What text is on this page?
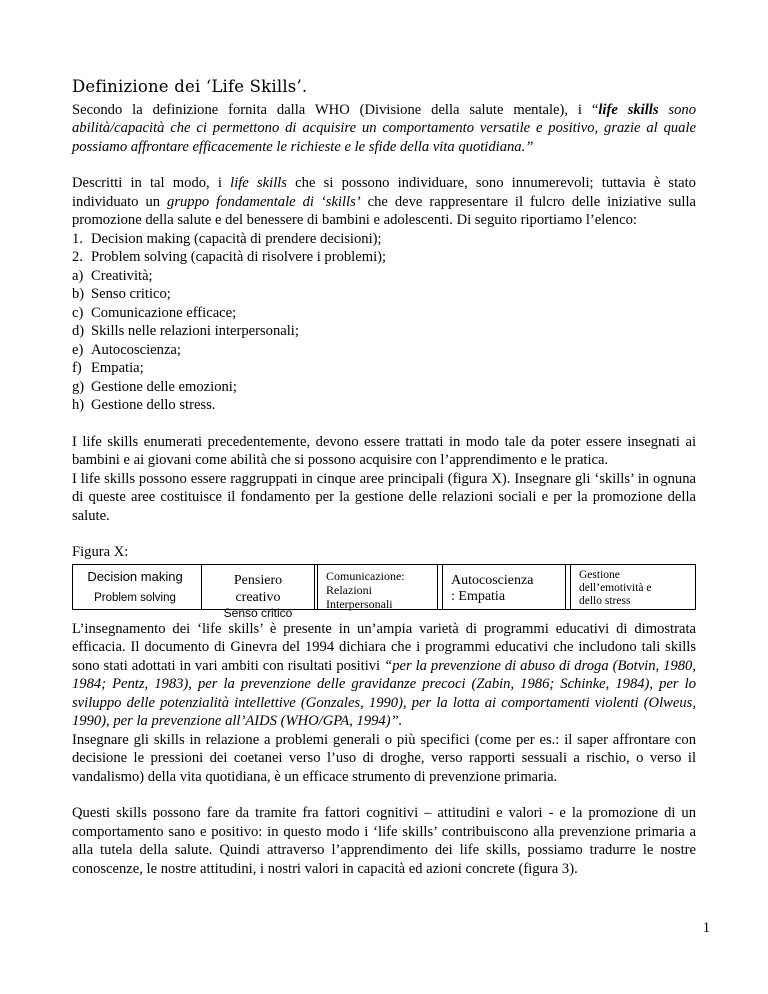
Definizione dei ‘Life Skills’.

Secondo la definizione fornita dalla WHO (Divisione della salute mentale), i “life skills sono abilità/capacità che ci permettono di acquisire un comportamento versatile e positivo, grazie al quale possiamo affrontare efficacemente le richieste e le sfide della vita quotidiana.”

Descritti in tal modo, i life skills che si possono individuare, sono innumerevoli; tuttavia è stato individuato un gruppo fondamentale di ‘skills’ che deve rappresentare il fulcro delle iniziative sulla promozione della salute e del benessere di bambini e adolescenti. Di seguito riportiamo l’elenco:

1. Decision making (capacità di prendere decisioni);
2. Problem solving (capacità di risolvere i problemi);
a) Creatività;
b) Senso critico;
c) Comunicazione efficace;
d) Skills nelle relazioni interpersonali;
e) Autocoscienza;
f) Empatia;
g) Gestione delle emozioni;
h) Gestione dello stress.

I life skills enumerati precedentemente, devono essere trattati in modo tale da poter essere insegnati ai bambini e ai giovani come abilità che si possono acquisire con l’apprendimento e le pratica.

I life skills possono essere raggruppati in cinque aree principali (figura X). Insegnare gli ‘skills’ in ognuna di queste aree costituisce il fondamento per la gestione delle relazioni sociali e per la promozione della salute.

Figura X:

Decision making
Problem solving
Pensiero
creativo
Senso critico
Comunicazione:
Relazioni
Interpersonali
Autocoscienza
: Empatia
Gestione
dell’emotività e
dello stress

L’insegnamento dei ‘life skills’ è presente in un’ampia varietà di programmi educativi di dimostrata efficacia. Il documento di Ginevra del 1994 dichiara che i programmi educativi che includono tali skills sono stati adottati in vari ambiti con risultati positivi “per la prevenzione di abuso di droga (Botvin, 1980, 1984; Pentz, 1983), per la prevenzione delle gravidanze precoci (Zabin, 1986; Schinke, 1984), per lo sviluppo delle potenzialità intellettive (Gonzales, 1990), per la lotta ai comportamenti violenti (Olweus, 1990), per la prevenzione all’AIDS (WHO/GPA, 1994)”.

Insegnare gli skills in relazione a problemi generali o più specifici (come per es.: il saper affrontare con decisione le pressioni dei coetanei verso l’uso di droghe, verso rapporti sessuali a rischio, o verso il vandalismo) della vita quotidiana, è un efficace strumento di prevenzione primaria.

Questi skills possono fare da tramite fra fattori cognitivi – attitudini e valori - e la promozione di un comportamento sano e positivo: in questo modo i ‘life skills’ contribuiscono alla prevenzione primaria a alla tutela della salute. Quindi attraverso l’apprendimento dei life skills, possiamo tradurre le nostre conoscenze, le nostre attitudini, i nostri valori in capacità ed azioni concrete (figura 3).

1
